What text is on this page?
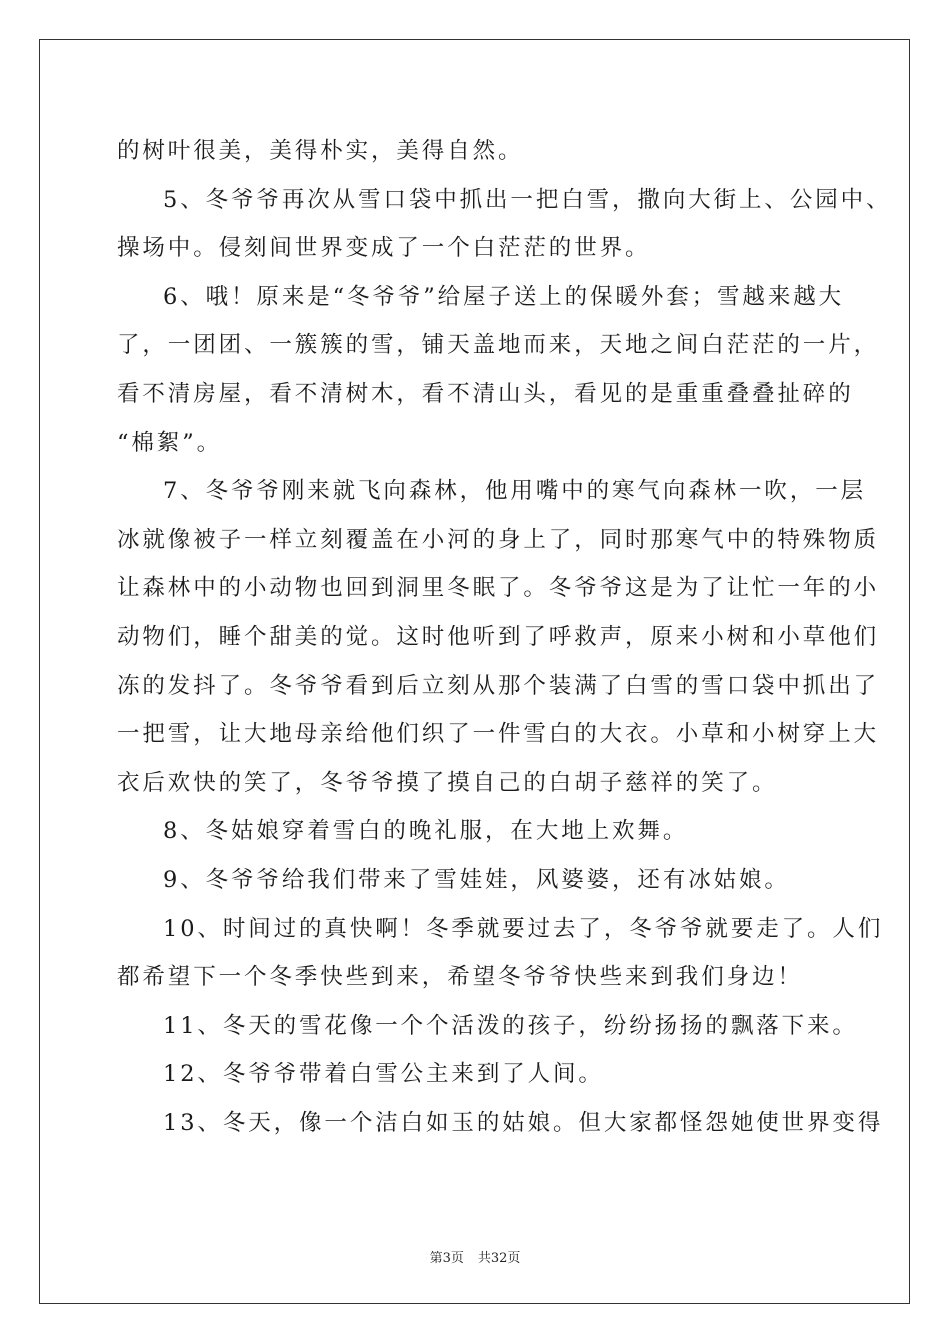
的树叶很美，美得朴实，美得自然。
5、冬爷爷再次从雪口袋中抓出一把白雪，撒向大街上、公园中、
操场中。侵刻间世界变成了一个白茫茫的世界。
6、哦！原来是“冬爷爷”给屋子送上的保暖外套；雪越来越大
了，一团团、一簇簇的雪，铺天盖地而来，天地之间白茫茫的一片，
看不清房屋，看不清树木，看不清山头，看见的是重重叠叠扯碎的
“棉絮”。
7、冬爷爷刚来就飞向森林，他用嘴中的寒气向森林一吹，一层
冰就像被子一样立刻覆盖在小河的身上了，同时那寒气中的特殊物质
让森林中的小动物也回到洞里冬眠了。冬爷爷这是为了让忙一年的小
动物们，睡个甜美的觉。这时他听到了呼救声，原来小树和小草他们
冻的发抖了。冬爷爷看到后立刻从那个装满了白雪的雪口袋中抓出了
一把雪，让大地母亲给他们织了一件雪白的大衣。小草和小树穿上大
衣后欢快的笑了，冬爷爷摸了摸自己的白胡子慈祥的笑了。
8、冬姑娘穿着雪白的晚礼服，在大地上欢舞。
9、冬爷爷给我们带来了雪娃娃，风婆婆，还有冰姑娘。
10、时间过的真快啊！冬季就要过去了，冬爷爷就要走了。人们
都希望下一个冬季快些到来，希望冬爷爷快些来到我们身边！
11、冬天的雪花像一个个活泼的孩子，纷纷扬扬的飘落下来。
12、冬爷爷带着白雪公主来到了人间。
13、冬天，像一个洁白如玉的姑娘。但大家都怪怨她使世界变得
第3页 共32页
